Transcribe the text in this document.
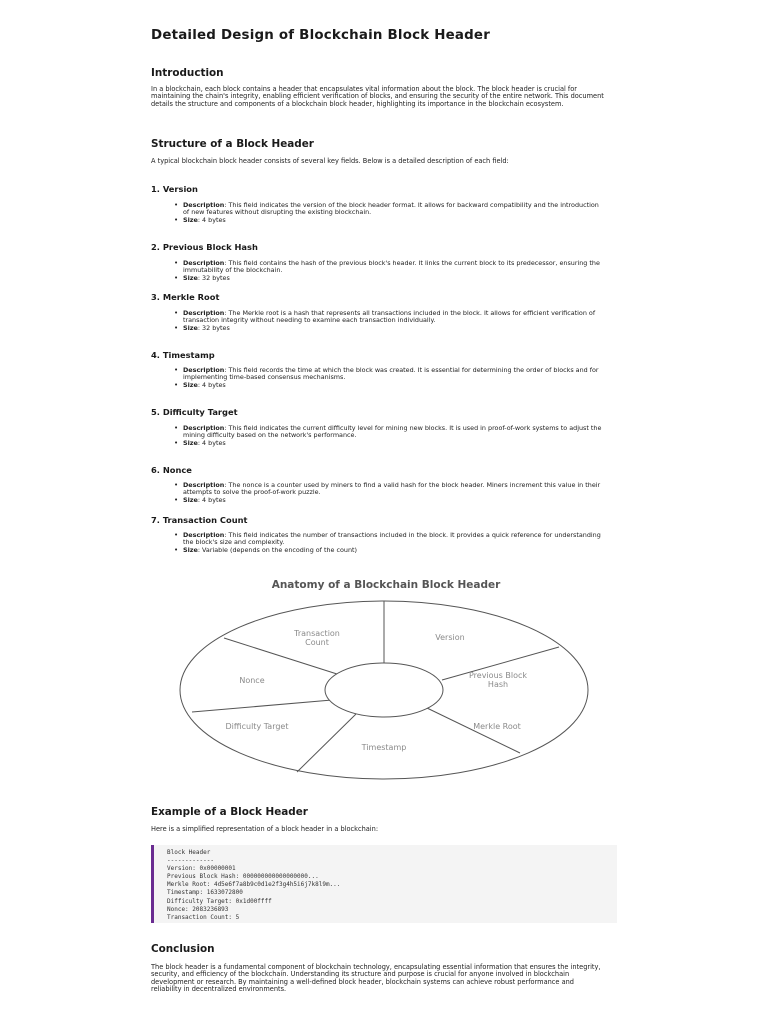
Detailed Design of Blockchain Block Header
Introduction

In a blockchain, each block contains a header that encapsulates vital information about the block. The block header is crucial for maintaining the chain's integrity, enabling efficient verification of blocks, and ensuring the security of the entire network. This document details the structure and components of a blockchain block header, highlighting its importance in the blockchain ecosystem.

Structure of a Block Header

A typical blockchain block header consists of several key fields. Below is a detailed description of each field:

1. Version
• Description: This field indicates the version of the block header format. It allows for backward compatibility and the introduction of new features without disrupting the existing blockchain.
• Size: 4 bytes
2. Previous Block Hash
• Description: This field contains the hash of the previous block's header. It links the current block to its predecessor, ensuring the immutability of the blockchain.
• Size: 32 bytes
3. Merkle Root
• Description: The Merkle root is a hash that represents all transactions included in the block. It allows for efficient verification of transaction integrity without needing to examine each transaction individually.
• Size: 32 bytes
4. Timestamp
• Description: This field records the time at which the block was created. It is essential for determining the order of blocks and for implementing time-based consensus mechanisms.
• Size: 4 bytes
5. Difficulty Target
• Description: This field indicates the current difficulty level for mining new blocks. It is used in proof-of-work systems to adjust the mining difficulty based on the network's performance.
• Size: 4 bytes
6. Nonce
• Description: The nonce is a counter used by miners to find a valid hash for the block header. Miners increment this value in their attempts to solve the proof-of-work puzzle.
• Size: 4 bytes
7. Transaction Count
• Description: This field indicates the number of transactions included in the block. It provides a quick reference for understanding the block's size and complexity.
• Size: Variable (depends on the encoding of the count)
Example of a Block Header

Here is a simplified representation of a block header in a blockchain:

Conclusion

The block header is a fundamental component of blockchain technology, encapsulating essential information that ensures the integrity, security, and efficiency of the blockchain. Understanding its structure and purpose is crucial for anyone involved in blockchain development or research. By maintaining a well-defined block header, blockchain systems can achieve robust performance and reliability in decentralized environments.

Anatomy of a Blockchain Block Header
Version
Previous Block Hash
Merkle Root
Timestamp
Difficulty Target
Nonce
Transaction Count
Block Header
-------------
Version: 0x00000001
Previous Block Hash: 000000000000000000...
Merkle Root: 4d5e6f7a8b9c0d1e2f3g4h5i6j7k8l9m...
Timestamp: 1633072800
Difficulty Target: 0x1d00ffff
Nonce: 2083236893
Transaction Count: 5
